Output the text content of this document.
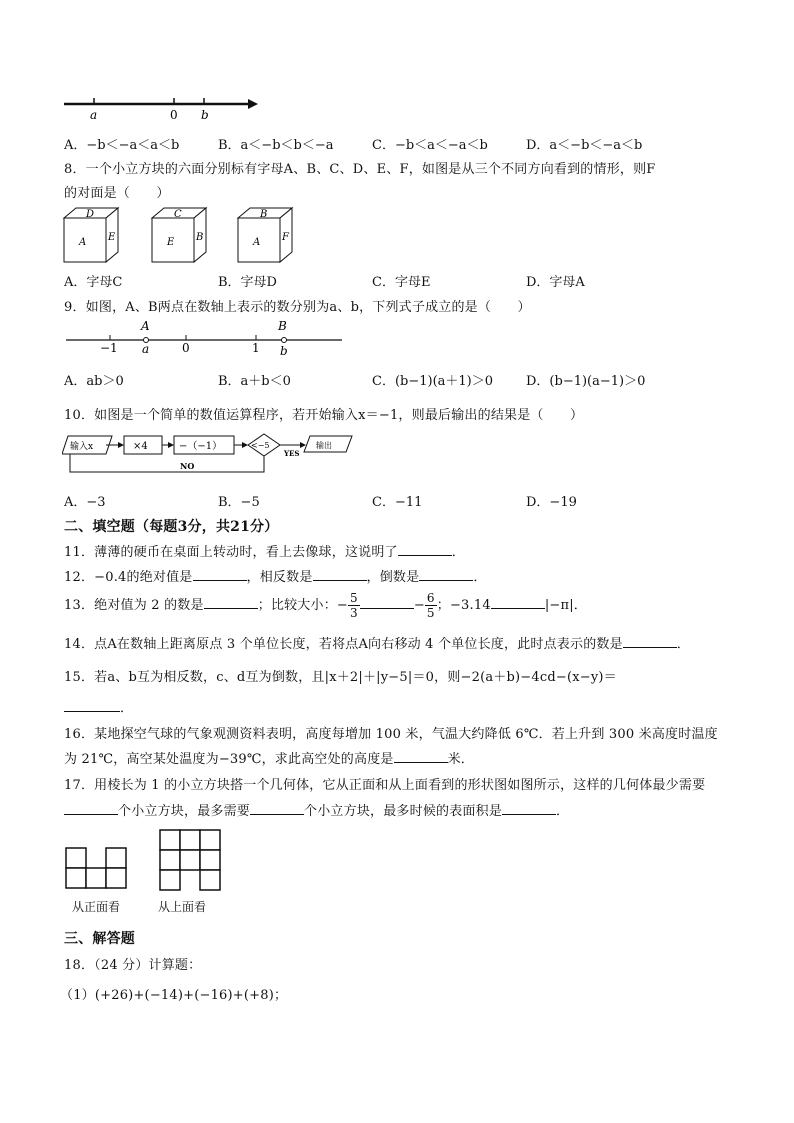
a	0 b
A．−b＜−a＜a＜b	B．a＜−b＜b＜−a	C．−b＜a＜−a＜b	D．a＜−b＜−a＜b
8．一个小立方块的六面分别标有字母A、B、C、D、E、F，如图是从三个不同方向看到的情形，则F
的对面是（　　）
D
A E
C
E B
B
A F
A．字母C	B．字母D	C．字母E	D．字母A
9．如图，A、B两点在数轴上表示的数分别为a、b，下列式子成立的是（　　）
A	B
−1 a	0	1 b
A．ab＞0	B．a＋b＜0	C．(b−1)(a＋1)＞0	D．(b−1)(a−1)＞0
10．如图是一个简单的数值运算程序，若开始输入x＝−1，则最后输出的结果是（　　）
输入x	×4	−（−1）	<−5
YES
输出
NO
A．−3	B．−5	C．−11	D．−19
二、填空题（每题3分，共21分）
11．薄薄的硬币在桌面上转动时，看上去像球，这说明了	．
12．−0.4的绝对值是	，相反数是	，倒数是	．
13．绝对值为 2 的数是	；比较大小：− $\frac{5}{3}$	− $\frac{6}{5}$ ；−3.14	|−π|．
14．点A在数轴上距离原点 3 个单位长度，若将点A向右移动 4 个单位长度，此时点表示的数是	．
15．若a、b互为相反数，c、d互为倒数，且|x＋2|＋|y−5|＝0，则−2(a＋b)−4cd−(x−y)＝
．
16．某地探空气球的气象观测资料表明，高度每增加 100 米，气温大约降低 6℃．若上升到 300 米高度时温度
为 21℃，高空某处温度为−39℃，求此高空处的高度是	米．
17．用棱长为 1 的小立方块搭一个几何体，它从正面和从上面看到的形状图如图所示，这样的几何体最少需要
个小立方块，最多需要	个小立方块，最多时候的表面积是	．
从正面看	从上面看
三、解答题
18．（24 分）计算题：
（1）(+26)+(−14)+(−16)+(+8)；
